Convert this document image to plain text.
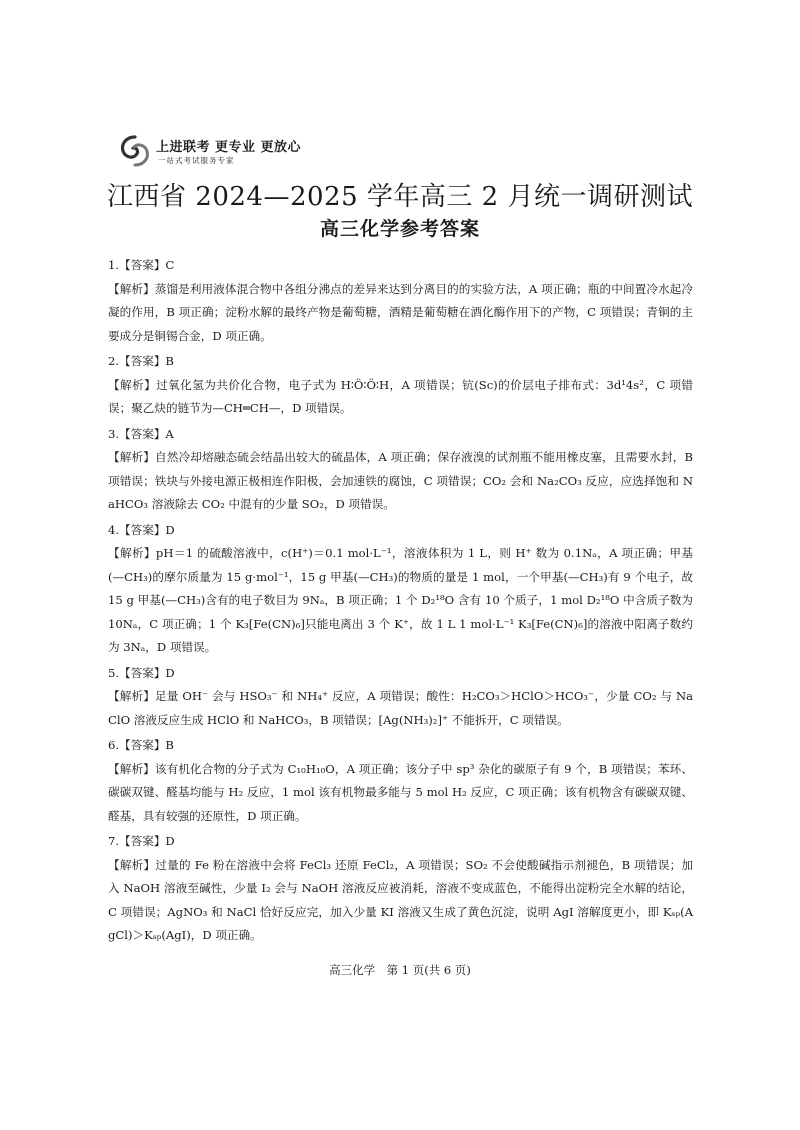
上进联考 更专业 更放心
一站式考试服务专家
江西省 2024—2025 学年高三 2 月统一调研测试
高三化学参考答案
1.【答案】C
【解析】蒸馏是利用液体混合物中各组分沸点的差异来达到分离目的的实验方法，A 项正确；瓶的中间置冷水起冷凝的作用，B 项正确；淀粉水解的最终产物是葡萄糖，酒精是葡萄糖在酒化酶作用下的产物，C 项错误；青铜的主要成分是铜锡合金，D 项正确。
2.【答案】B
【解析】过氧化氢为共价化合物，电子式为 H∶Ö∶Ö∶H，A 项错误；钪(Sc)的价层电子排布式：3d¹4s²，C 项错误；聚乙炔的链节为—CH═CH—，D 项错误。
3.【答案】A
【解析】自然冷却熔融态硫会结晶出较大的硫晶体，A 项正确；保存液溴的试剂瓶不能用橡皮塞，且需要水封，B 项错误；铁块与外接电源正极相连作阳极，会加速铁的腐蚀，C 项错误；CO₂ 会和 Na₂CO₃ 反应，应选择饱和 NaHCO₃ 溶液除去 CO₂ 中混有的少量 SO₂，D 项错误。
4.【答案】D
【解析】pH＝1 的硫酸溶液中，c(H⁺)＝0.1 mol·L⁻¹，溶液体积为 1 L，则 H⁺ 数为 0.1Nₐ，A 项正确；甲基(—CH₃)的摩尔质量为 15 g·mol⁻¹，15 g 甲基(—CH₃)的物质的量是 1 mol，一个甲基(—CH₃)有 9 个电子，故 15 g 甲基(—CH₃)含有的电子数目为 9Nₐ，B 项正确；1 个 D₂¹⁸O 含有 10 个质子，1 mol D₂¹⁸O 中含质子数为 10Nₐ，C 项正确；1 个 K₃[Fe(CN)₆]只能电离出 3 个 K⁺，故 1 L 1 mol·L⁻¹ K₃[Fe(CN)₆]的溶液中阳离子数约为 3Nₐ，D 项错误。
5.【答案】D
【解析】足量 OH⁻ 会与 HSO₃⁻ 和 NH₄⁺ 反应，A 项错误；酸性：H₂CO₃＞HClO＞HCO₃⁻，少量 CO₂ 与 NaClO 溶液反应生成 HClO 和 NaHCO₃，B 项错误；[Ag(NH₃)₂]⁺ 不能拆开，C 项错误。
6.【答案】B
【解析】该有机化合物的分子式为 C₁₀H₁₀O，A 项正确；该分子中 sp³ 杂化的碳原子有 9 个，B 项错误；苯环、碳碳双键、醛基均能与 H₂ 反应，1 mol 该有机物最多能与 5 mol H₂ 反应，C 项正确；该有机物含有碳碳双键、醛基，具有较强的还原性，D 项正确。
7.【答案】D
【解析】过量的 Fe 粉在溶液中会将 FeCl₃ 还原 FeCl₂，A 项错误；SO₂ 不会使酸碱指示剂褪色，B 项错误；加入 NaOH 溶液至碱性，少量 I₂ 会与 NaOH 溶液反应被消耗，溶液不变成蓝色，不能得出淀粉完全水解的结论，C 项错误；AgNO₃ 和 NaCl 恰好反应完，加入少量 KI 溶液又生成了黄色沉淀，说明 AgI 溶解度更小，即 Kₛₚ(AgCl)＞Kₛₚ(AgI)，D 项正确。
高三化学　第 1 页(共 6 页)
